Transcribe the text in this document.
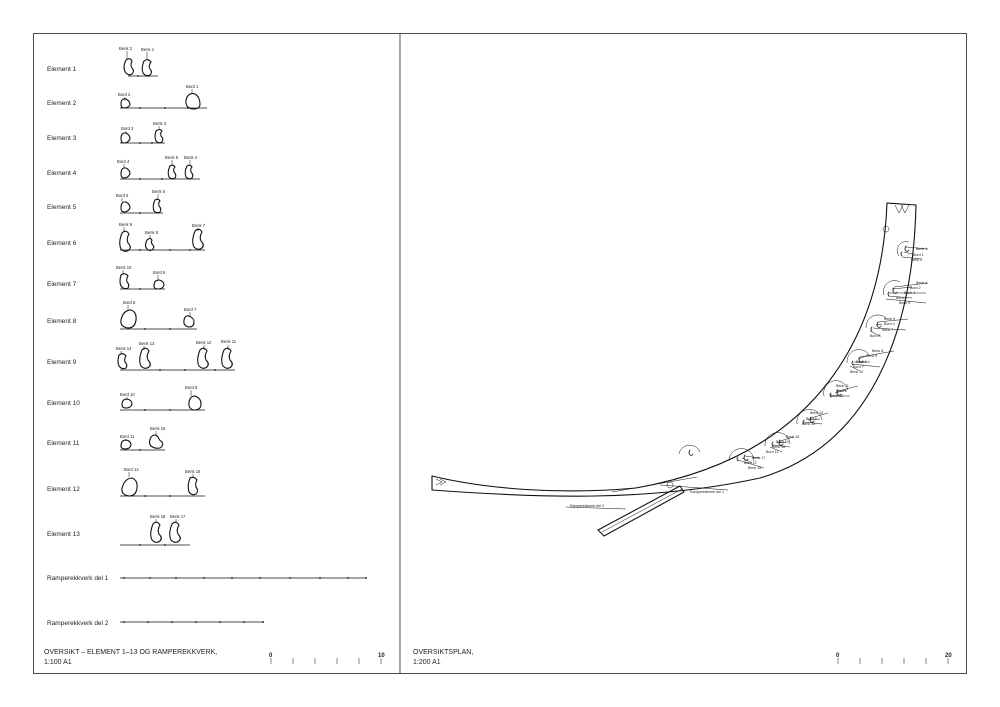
Element 1
Element 2
Element 3
Element 4
Element 5
Element 6
Element 7
Element 8
Element 9
Element 10
Element 11
Element 12
Element 13
Ramperekkverk del 1
Ramperekkverk del 2
Benk 2 Benk 1
Bord 2
Bord 1
Bord 3
Benk 3
Bord 4
Benk 5 Benk 4
Bord 5
Benk 6
Benk 9
Benk 8
Benk 7
Benk 10
Bord 6
Bord 8
Bord 7
Benk 14
Benk 13	Benk 12 Benk 11
Bord 10
Bord 9
Bord 11
Benk 15
Bord 12	Benk 16
Benk 18 Benk 17
OVERSIKT – ELEMENT 1–13 OG RAMPEREKKVERK,
1:100 A1
0	10
Benk 1
Bord 1
Benk 2
Benk 3
Bord 2
Benk 4
Bord 3
Benk 5
Benk 6
Bord 4
Benk 7
Bord 5
Benk 8
Benk 9
Bord 6
Bord 7
Benk 10
Benk 11
Bord 8
Benk 12
Benk 13
Bord 9
Benk 14
Benk 15
Bord 10
Benk 16
Bord 11
Benk 17
Bord 12
Benk 18
Ramperekkverk del 1
Ramperekkverk del 2
OVERSIKTSPLAN,
1:200 A1
0	20
